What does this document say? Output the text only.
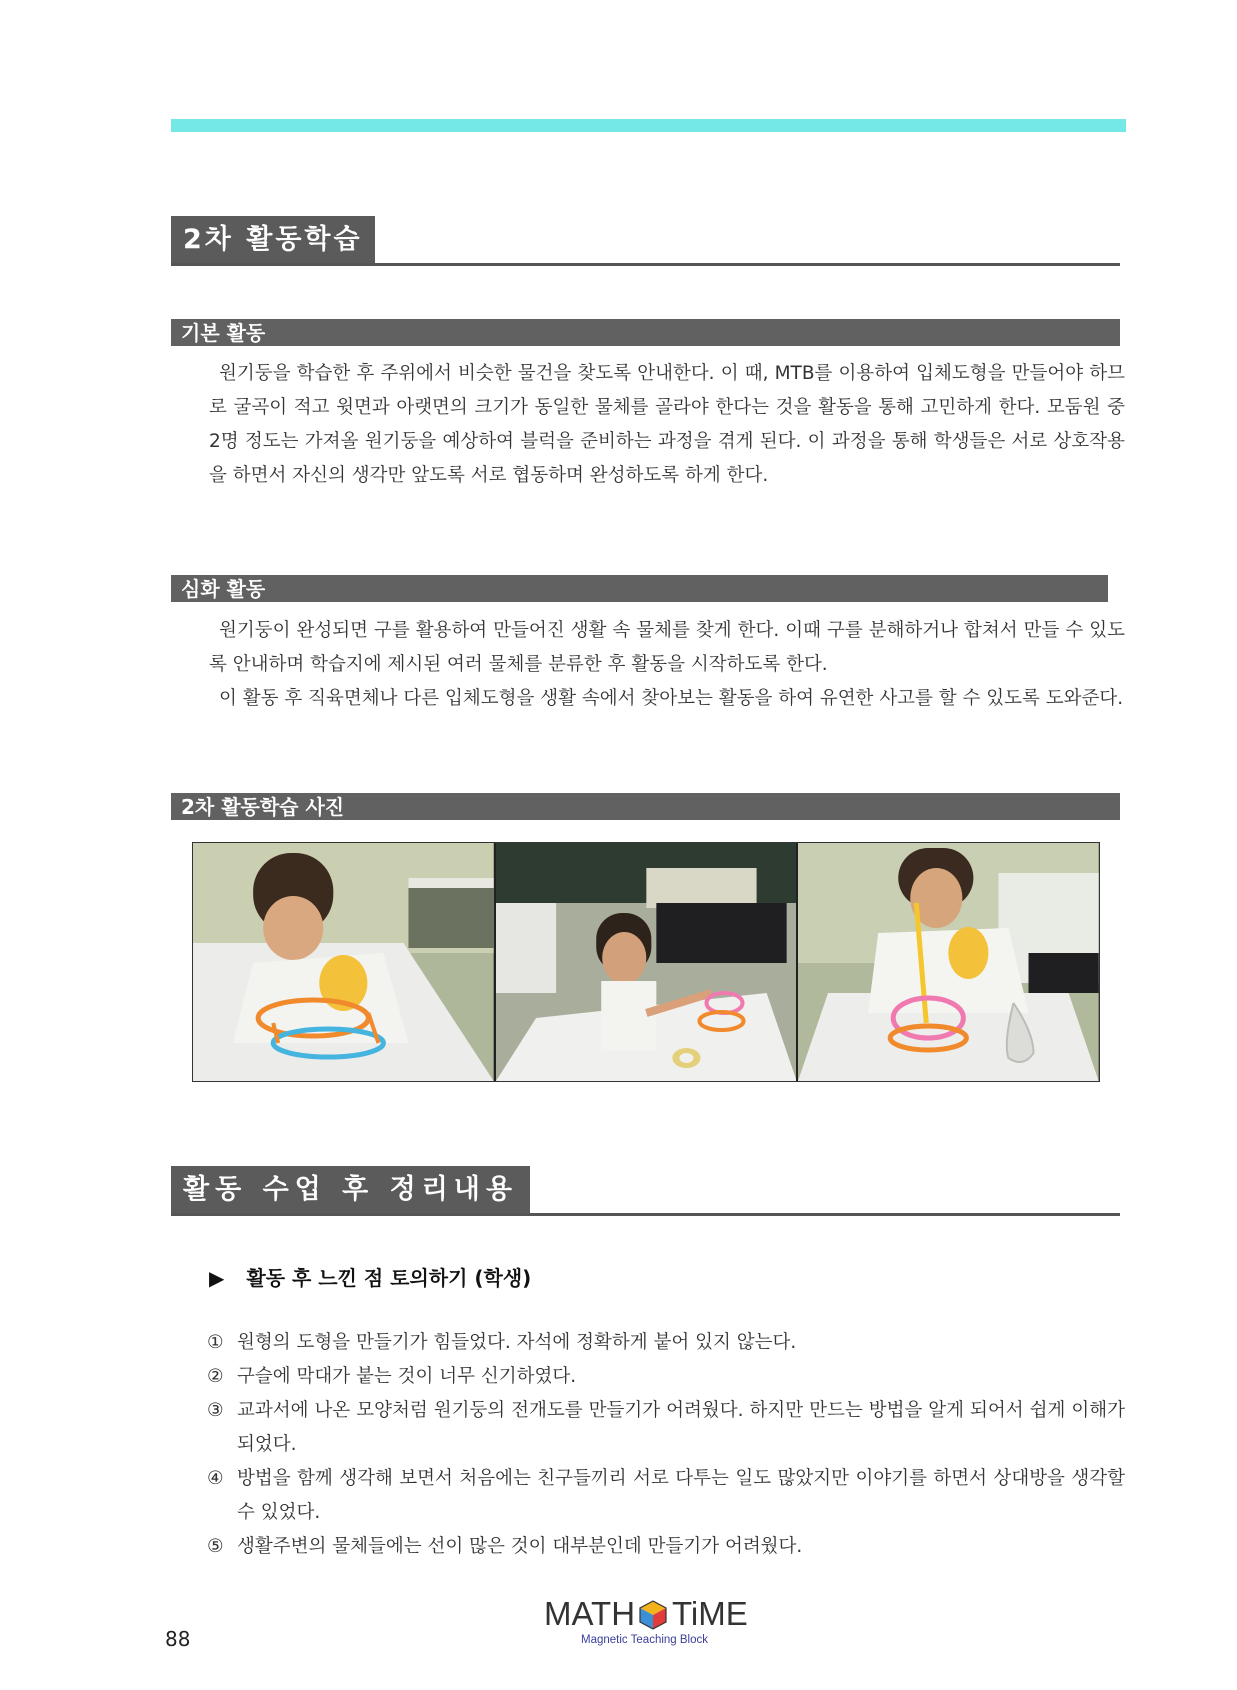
2차 활동학습
기본 활동

원기둥을 학습한 후 주위에서 비슷한 물건을 찾도록 안내한다. 이 때, MTB를 이용하여 입체도형을 만들어야 하므로 굴곡이 적고 윗면과 아랫면의 크기가 동일한 물체를 골라야 한다는 것을 활동을 통해 고민하게 한다. 모둠원 중 2명 정도는 가져올 원기둥을 예상하여 블럭을 준비하는 과정을 겪게 된다. 이 과정을 통해 학생들은 서로 상호작용을 하면서 자신의 생각만 앞도록 서로 협동하며 완성하도록 하게 한다.

심화 활동

원기둥이 완성되면 구를 활용하여 만들어진 생활 속 물체를 찾게 한다. 이때 구를 분해하거나 합쳐서 만들 수 있도록 안내하며 학습지에 제시된 여러 물체를 분류한 후 활동을 시작하도록 한다.

이 활동 후 직육면체나 다른 입체도형을 생활 속에서 찾아보는 활동을 하여 유연한 사고를 할 수 있도록 도와준다.

2차 활동학습 사진
활동 수업 후 정리내용
▶ 활동 후 느낀 점 토의하기 (학생)
① 원형의 도형을 만들기가 힘들었다. 자석에 정확하게 붙어 있지 않는다.
② 구슬에 막대가 붙는 것이 너무 신기하였다.
③ 교과서에 나온 모양처럼 원기둥의 전개도를 만들기가 어려웠다. 하지만 만드는 방법을 알게 되어서 쉽게 이해가 되었다.
④ 방법을 함께 생각해 보면서 처음에는 친구들끼리 서로 다투는 일도 많았지만 이야기를 하면서 상대방을 생각할 수 있었다.
⑤ 생활주변의 물체들에는 선이 많은 것이 대부분인데 만들기가 어려웠다.
88
MATH TiME
Magnetic Teaching Block
